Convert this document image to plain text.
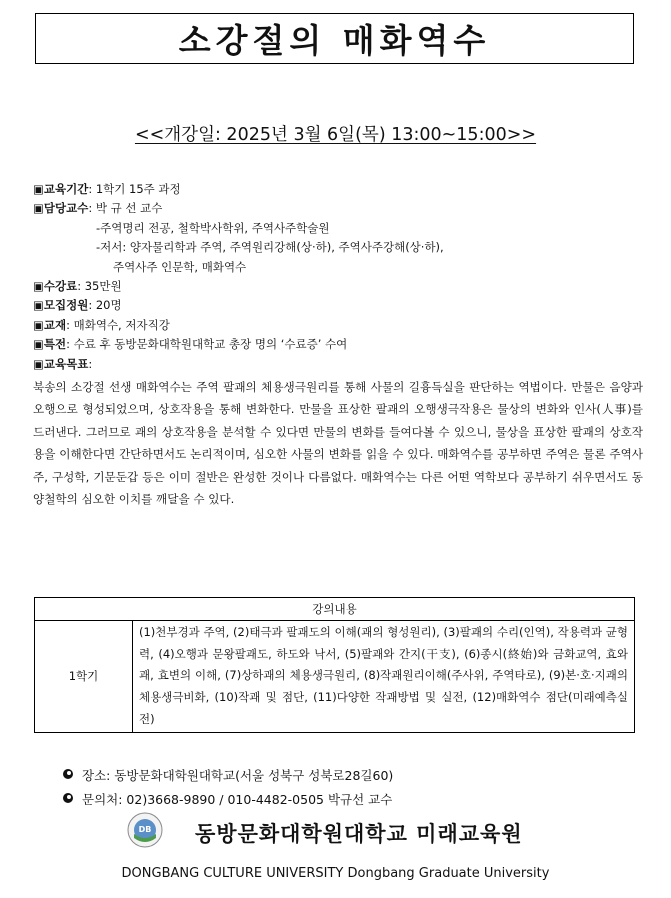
소강절의 매화역수
<<개강일: 2025년 3월 6일(목) 13:00~15:00>>
▣교육기간: 1학기 15주 과정
▣담당교수: 박 규 선 교수
-주역명리 전공, 철학박사학위, 주역사주학술원
-저서: 양자물리학과 주역, 주역원리강해(상·하), 주역사주강해(상·하),
주역사주 인문학, 매화역수
▣수강료: 35만원
▣모집정원: 20명
▣교재: 매화역수, 저자직강
▣특전: 수료 후 동방문화대학원대학교 총장 명의 ‘수료증’ 수여
▣교육목표:
북송의 소강절 선생 매화역수는 주역 팔괘의 체용생극원리를 통해 사물의 길흉득실을 판단하는 역법이다. 만물은 음양과 오행으로 형성되었으며, 상호작용을 통해 변화한다. 만물을 표상한 팔괘의 오행생극작용은 물상의 변화와 인사(人事)를 드러낸다. 그러므로 괘의 상호작용을 분석할 수 있다면 만물의 변화를 들여다볼 수 있으니, 물상을 표상한 팔괘의 상호작용을 이해한다면 간단하면서도 논리적이며, 심오한 사물의 변화를 읽을 수 있다. 매화역수를 공부하면 주역은 물론 주역사주, 구성학, 기문둔갑 등은 이미 절반은 완성한 것이나 다름없다. 매화역수는 다른 어떤 역학보다 공부하기 쉬우면서도 동양철학의 심오한 이치를 깨달을 수 있다.
강의내용
1학기	(1)천부경과 주역, (2)태극과 팔괘도의 이해(괘의 형성원리), (3)팔괘의 수리(인역), 작용력과 균형력, (4)오행과 문왕팔괘도, 하도와 낙서, (5)팔괘와 간지(干支), (6)종시(終始)와 금화교역, 효와 괘, 효변의 이해, (7)상하괘의 체용생극원리, (8)작괘원리이해(주사위, 주역타로), (9)본·호·지괘의 체용생극비화, (10)작괘 및 점단, (11)다양한 작괘방법 및 실전, (12)매화역수 점단(미래예측실전)
장소: 동방문화대학원대학교(서울 성북구 성북로28길60)
문의처: 02)3668-9890 / 010-4482-0505 박규선 교수
DB 동방문화대학원대학교 미래교육원
DONGBANG CULTURE UNIVERSITY Dongbang Graduate University
